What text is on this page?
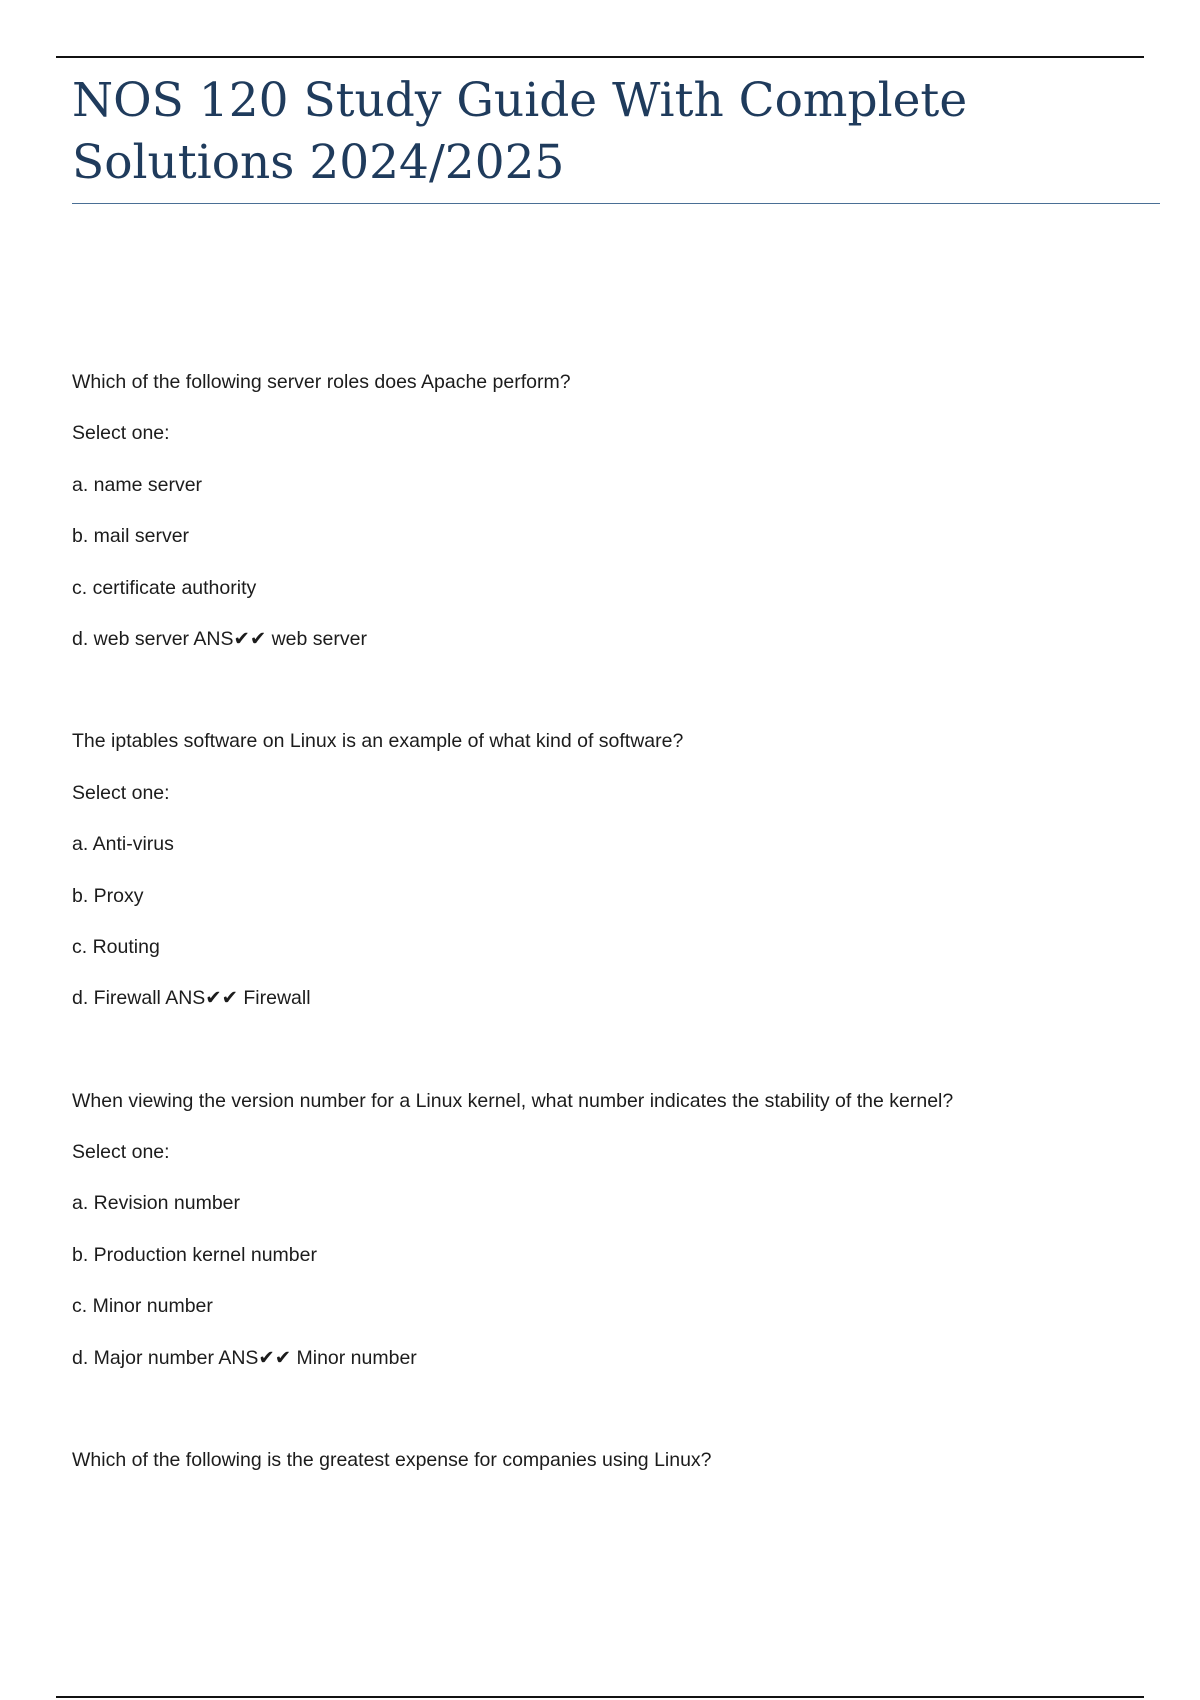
NOS 120 Study Guide With Complete Solutions 2024/2025
Which of the following server roles does Apache perform?
Select one:
a. name server
b. mail server
c. certificate authority
d. web server ANS✔✔ web server
The iptables software on Linux is an example of what kind of software?
Select one:
a. Anti-virus
b. Proxy
c. Routing
d. Firewall ANS✔✔ Firewall
When viewing the version number for a Linux kernel, what number indicates the stability of the kernel?
Select one:
a. Revision number
b. Production kernel number
c. Minor number
d. Major number ANS✔✔ Minor number
Which of the following is the greatest expense for companies using Linux?
